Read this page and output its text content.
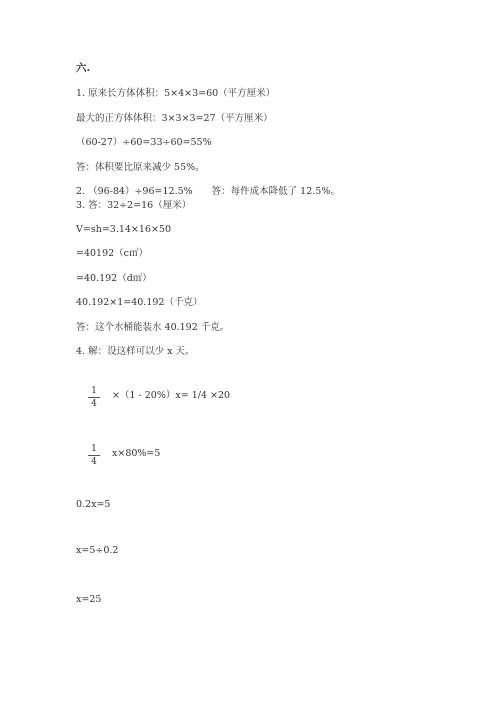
六.
1. 原来长方体体积：5×4×3=60（平方厘米）
最大的正方体体积：3×3×3=27（平方厘米）
（60-27）÷60=33÷60=55%
答：体积要比原来减少 55%。
2. （96-84）÷96=12.5%　　答：每件成本降低了 12.5%。
3. 答：32÷2=16（厘米）
V=sh=3.14×16×50
=40192（c㎡）
=40.192（d㎡）
40.192×1=40.192（千克）
答：这个水桶能装水 40.192 千克。
4. 解：设这样可以少 x 天。
1
4
×（1 - 20%）x= 1/4 ×20
1
4
x×80%=5
0.2x=5
x=5÷0.2
x=25
